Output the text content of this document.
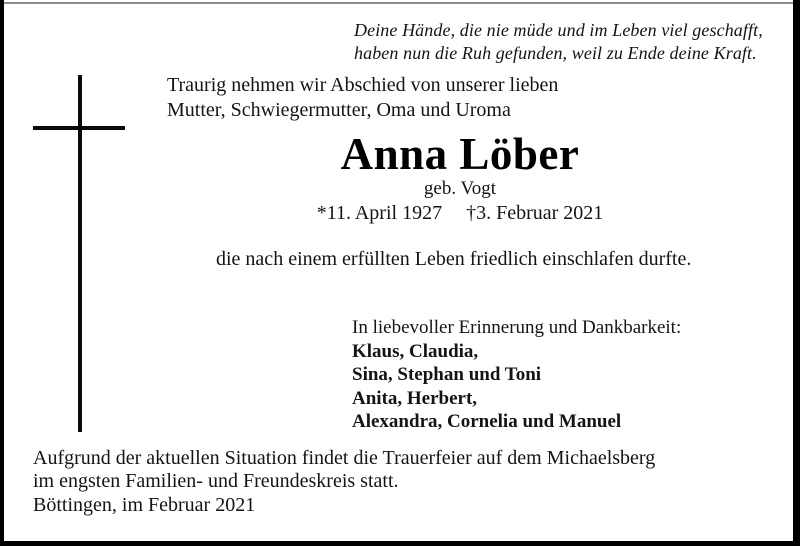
Deine Hände, die nie müde und im Leben viel geschafft,
haben nun die Ruh gefunden, weil zu Ende deine Kraft.
Traurig nehmen wir Abschied von unserer lieben
Mutter, Schwiegermutter, Oma und Uroma
Anna Löber
geb. Vogt
*11. April 1927 †3. Februar 2021
die nach einem erfüllten Leben friedlich einschlafen durfte.
In liebevoller Erinnerung und Dankbarkeit:
Klaus, Claudia,
Sina, Stephan und Toni
Anita, Herbert,
Alexandra, Cornelia und Manuel
Aufgrund der aktuellen Situation findet die Trauerfeier auf dem Michaelsberg
im engsten Familien- und Freundeskreis statt.
Böttingen, im Februar 2021
